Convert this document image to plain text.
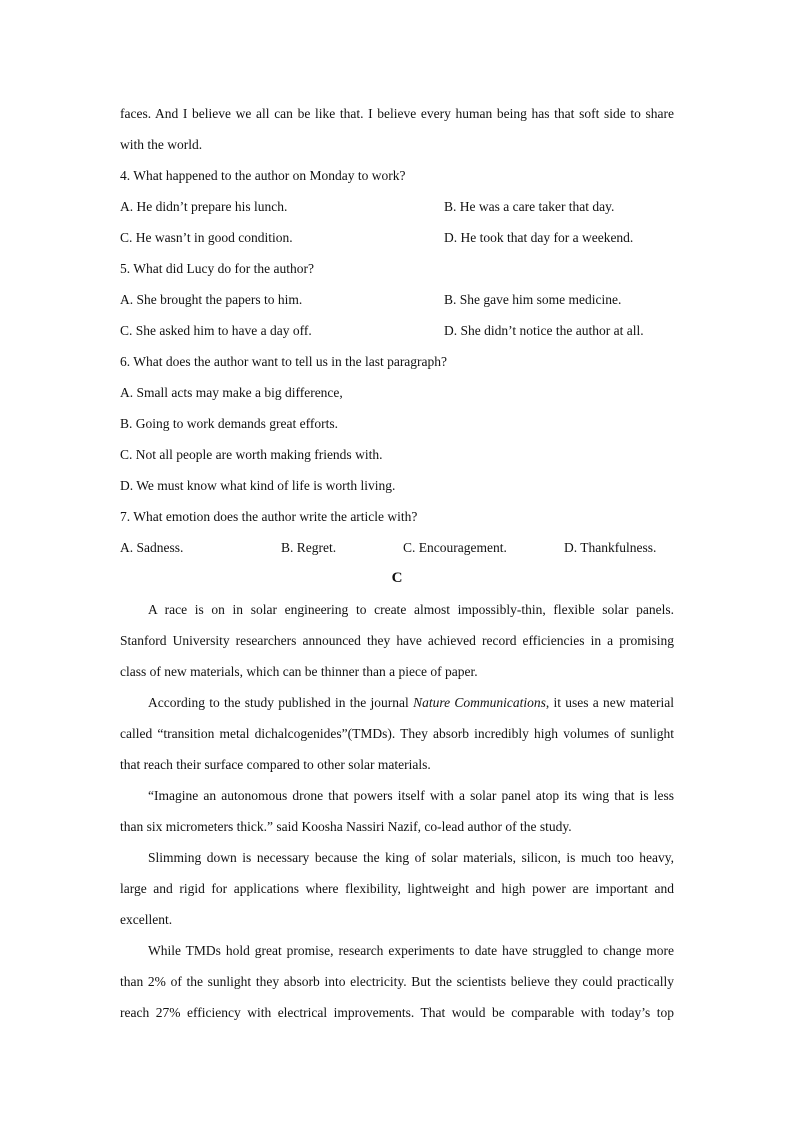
faces. And I believe we all can be like that. I believe every human being has that soft side to share
with the world.
4. What happened to the author on Monday to work?
A. He didn’t prepare his lunch.	B. He was a care taker that day.
C. He wasn’t in good condition.	D. He took that day for a weekend.
5. What did Lucy do for the author?
A. She brought the papers to him.	B. She gave him some medicine.
C. She asked him to have a day off.	D. She didn’t notice the author at all.
6. What does the author want to tell us in the last paragraph?
A. Small acts may make a big difference,
B. Going to work demands great efforts.
C. Not all people are worth making friends with.
D. We must know what kind of life is worth living.
7. What emotion does the author write the article with?
A. Sadness.	B. Regret.	C. Encouragement.	D. Thankfulness.
C
A race is on in solar engineering to create almost impossibly-thin, flexible solar panels.
Stanford University researchers announced they have achieved record efficiencies in a promising
class of new materials, which can be thinner than a piece of paper.
According to the study published in the journal Nature Communications, it uses a new material
called “transition metal dichalcogenides”(TMDs). They absorb incredibly high volumes of sunlight
that reach their surface compared to other solar materials.
“Imagine an autonomous drone that powers itself with a solar panel atop its wing that is less
than six micrometers thick.” said Koosha Nassiri Nazif, co-lead author of the study.
Slimming down is necessary because the king of solar materials, silicon, is much too heavy,
large and rigid for applications where flexibility, lightweight and high power are important and
excellent.
While TMDs hold great promise, research experiments to date have struggled to change more
than 2% of the sunlight they absorb into electricity. But the scientists believe they could practically
reach 27% efficiency with electrical improvements. That would be comparable with today’s top
